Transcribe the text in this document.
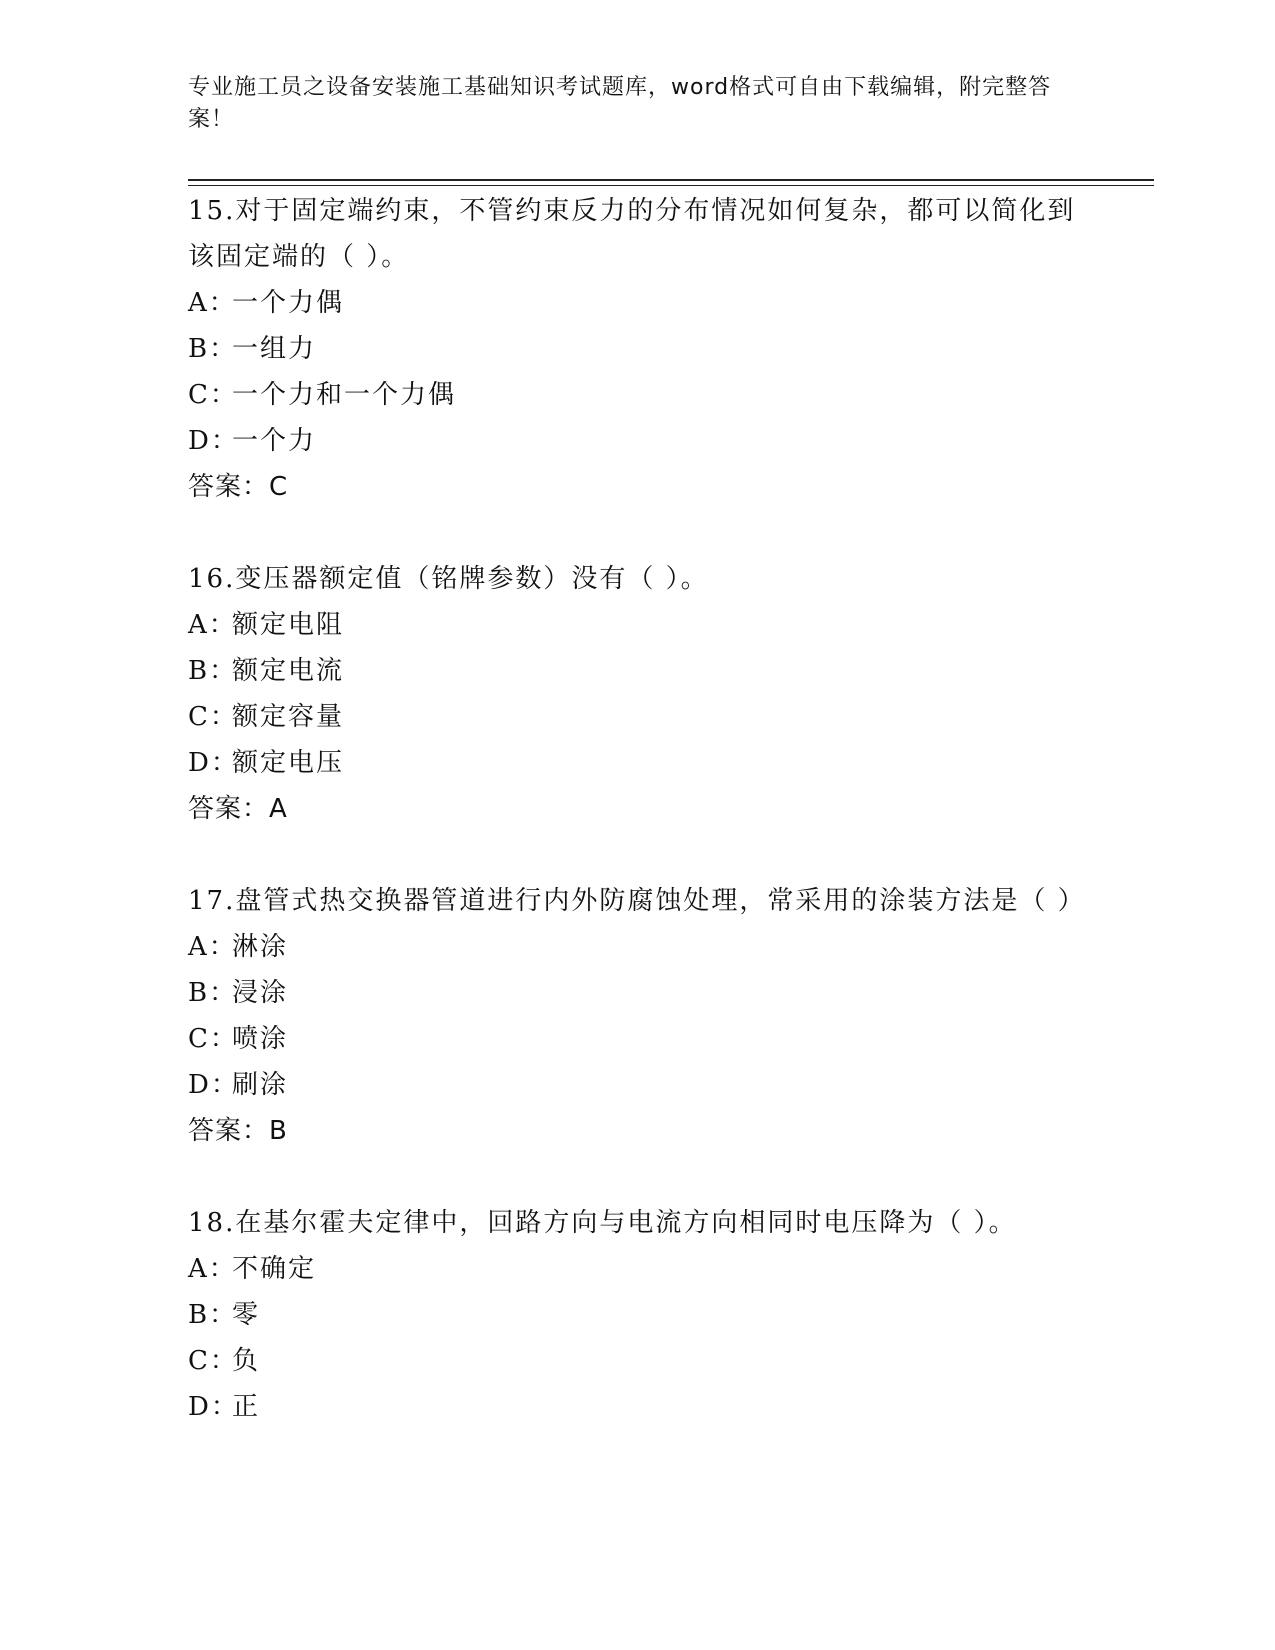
专业施工员之设备安装施工基础知识考试题库，word格式可自由下载编辑，附完整答案！
15.对于固定端约束，不管约束反力的分布情况如何复杂，都可以简化到该固定端的（ ）。
A：一个力偶
B：一组力
C：一个力和一个力偶
D：一个力
答案：C
16.变压器额定值（铭牌参数）没有（ ）。
A：额定电阻
B：额定电流
C：额定容量
D：额定电压
答案：A
17.盘管式热交换器管道进行内外防腐蚀处理，常采用的涂装方法是（ ）
A：淋涂
B：浸涂
C：喷涂
D：刷涂
答案：B
18.在基尔霍夫定律中，回路方向与电流方向相同时电压降为（ ）。
A：不确定
B：零
C：负
D：正
